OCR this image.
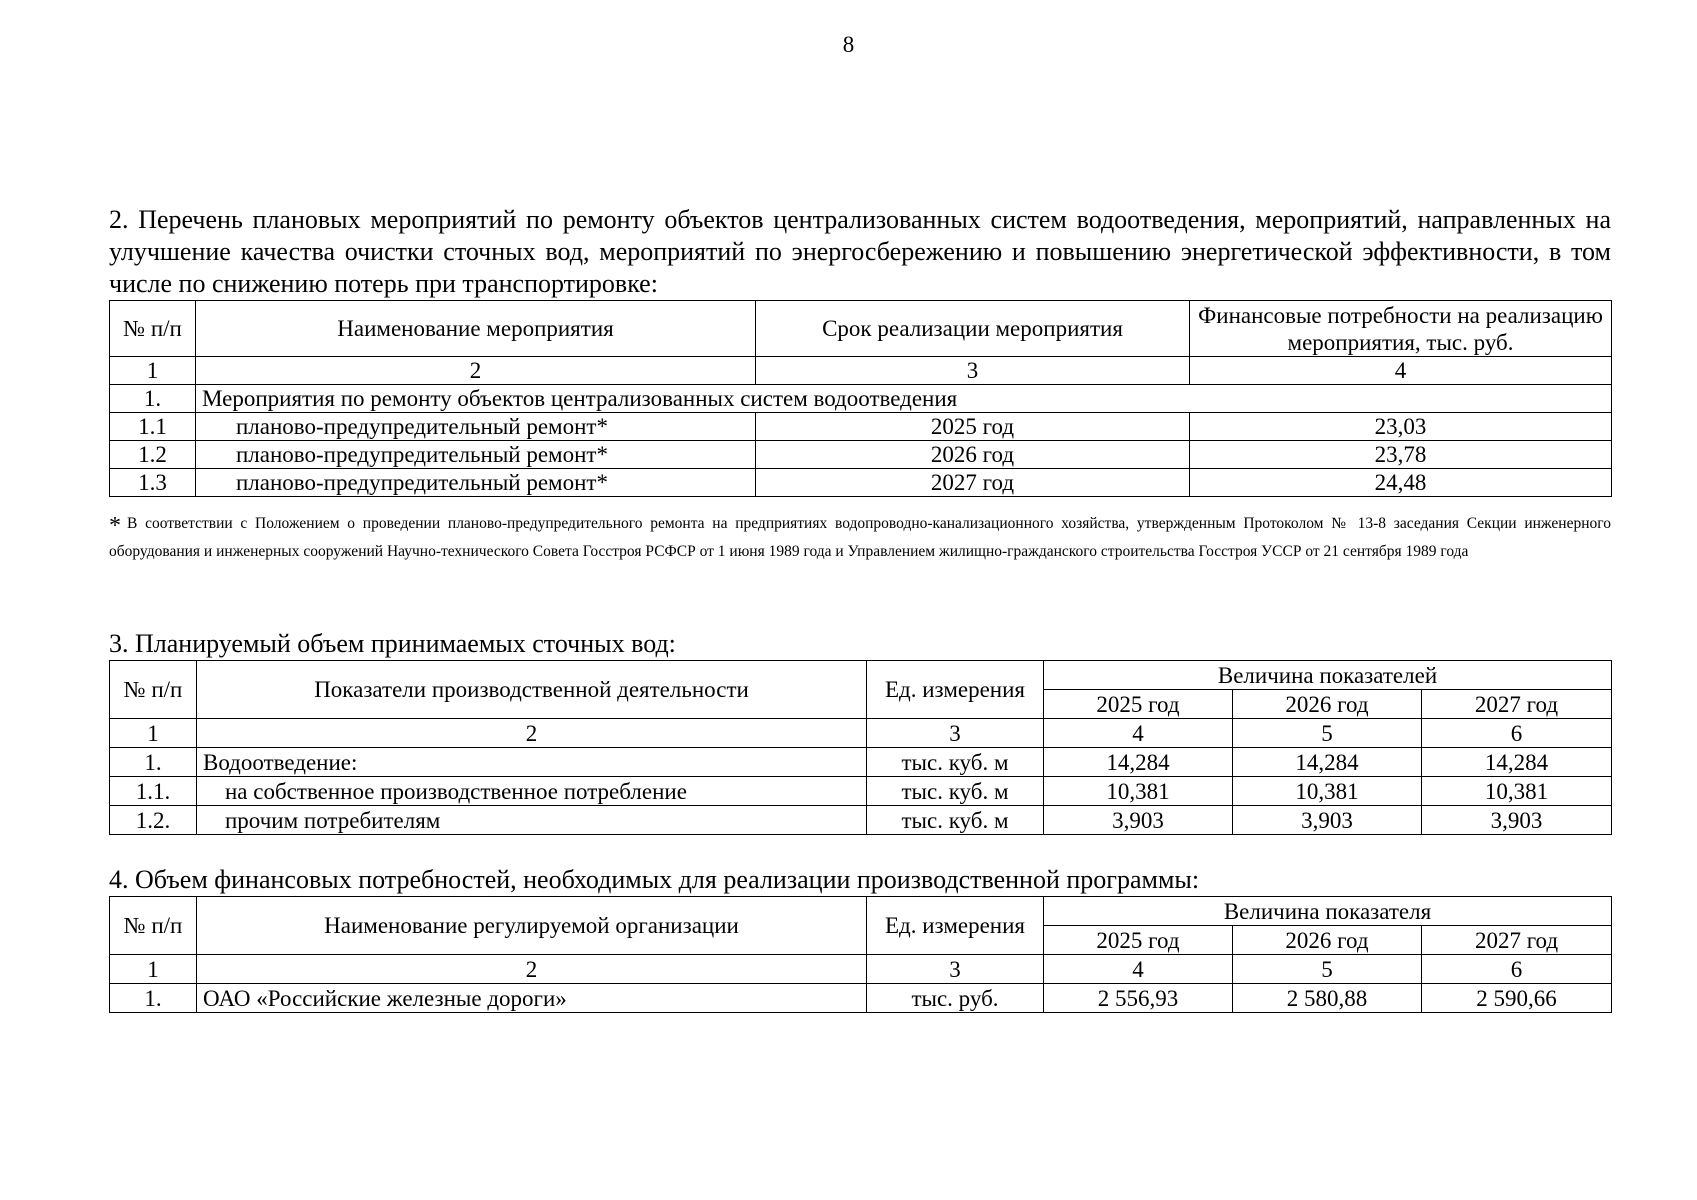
8

2. Перечень плановых мероприятий по ремонту объектов централизованных систем водоотведения, мероприятий, направленных на улучшение качества очистки сточных вод, мероприятий по энергосбережению и повышению энергетической эффективности, в том числе по снижению потерь при транспортировке:

№ п/п	Наименование мероприятия	Срок реализации мероприятия	Финансовые потребности на реализацию мероприятия, тыс. руб.
1	2	3	4
1.	Мероприятия по ремонту объектов централизованных систем водоотведения		
1.1	планово-предупредительный ремонт*	2025 год	23,03
1.2	планово-предупредительный ремонт*	2026 год	23,78
1.3	планово-предупредительный ремонт*	2027 год	24,48
* В соответствии с Положением о проведении планово-предупредительного ремонта на предприятиях водопроводно-канализационного хозяйства, утвержденным Протоколом № 13-8 заседания Секции инженерного оборудования и инженерных сооружений Научно-технического Совета Госстроя РСФСР от 1 июня 1989 года и Управлением жилищно-гражданского строительства Госстроя УССР от 21 сентября 1989 года

3. Планируемый объем принимаемых сточных вод:

№ п/п	Показатели производственной деятельности	Ед. измерения	Величина показателей		
			2025 год	2026 год	2027 год
1	2	3	4	5	6
1.	Водоотведение:	тыс. куб. м	14,284	14,284	14,284
1.1.	на собственное производственное потребление	тыс. куб. м	10,381	10,381	10,381
1.2.	прочим потребителям	тыс. куб. м	3,903	3,903	3,903

4. Объем финансовых потребностей, необходимых для реализации производственной программы:

№ п/п	Наименование регулируемой организации	Ед. измерения	Величина показателя		
			2025 год	2026 год	2027 год
1	2	3	4	5	6
1.	ОАО «Российские железные дороги»	тыс. руб.	2 556,93	2 580,88	2 590,66
